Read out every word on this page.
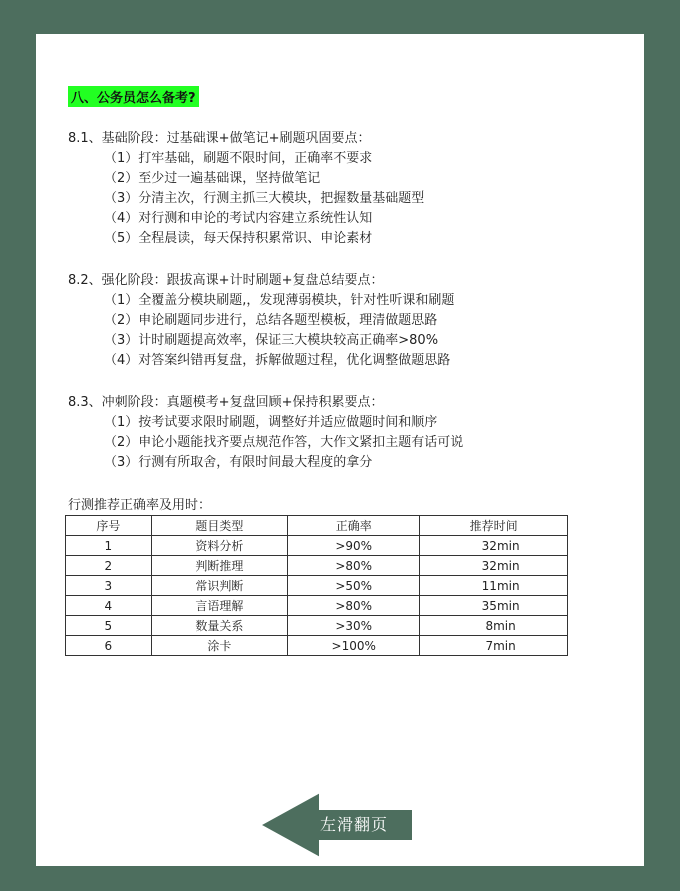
八、公务员怎么备考?
8.1、基础阶段：过基础课+做笔记+刷题巩固要点：
（1）打牢基础，刷题不限时间，正确率不要求
（2）至少过一遍基础课，坚持做笔记
（3）分清主次，行测主抓三大模块，把握数量基础题型
（4）对行测和申论的考试内容建立系统性认知
（5）全程晨读，每天保持积累常识、申论素材
8.2、强化阶段：跟拔高课+计时刷题+复盘总结要点：
（1）全覆盖分模块刷题,，发现薄弱模块，针对性听课和刷题
（2）申论刷题同步进行，总结各题型模板，理清做题思路
（3）计时刷题提高效率，保证三大模块较高正确率>80%
（4）对答案纠错再复盘，拆解做题过程，优化调整做题思路
8.3、冲刺阶段：真题模考+复盘回顾+保持积累要点：
（1）按考试要求限时刷题，调整好并适应做题时间和顺序
（2）申论小题能找齐要点规范作答，大作文紧扣主题有话可说
（3）行测有所取舍，有限时间最大程度的拿分
行测推荐正确率及用时：
序号	题目类型	正确率	推荐时间
1	资料分析	>90%	32min
2	判断推理	>80%	32min
3	常识判断	>50%	11min
4	言语理解	>80%	35min
5	数量关系	>30%	8min
6	涂卡	>100%	7min
左滑翻页
